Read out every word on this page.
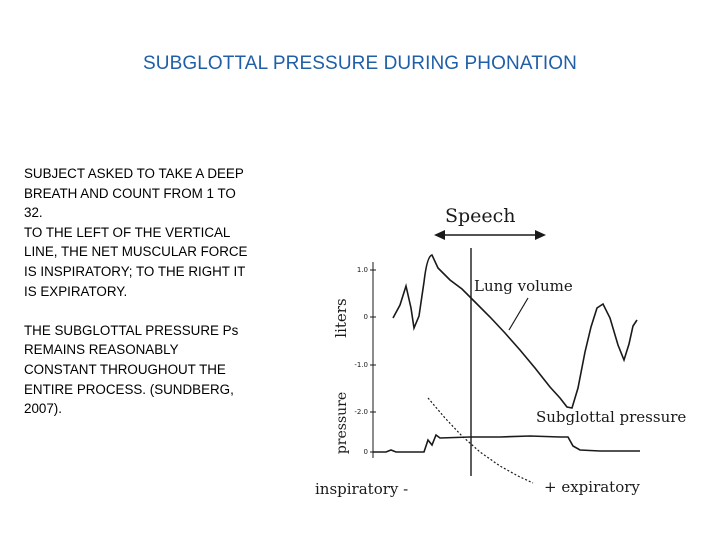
SUBGLOTTAL PRESSURE DURING PHONATION

SUBJECT ASKED TO TAKE A DEEP

BREATH AND COUNT FROM 1 TO

32.

TO THE LEFT OF THE VERTICAL

LINE, THE NET MUSCULAR FORCE

IS INSPIRATORY; TO THE RIGHT IT

IS EXPIRATORY.

THE SUBGLOTTAL PRESSURE Ps

REMAINS REASONABLY

CONSTANT THROUGHOUT THE

ENTIRE PROCESS. (SUNDBERG,

2007).

Speech
1.0
0
-1.0
-2.0
0
liters
pressure
Lung volume
Subglottal pressure
inspiratory -	+ expiratory
